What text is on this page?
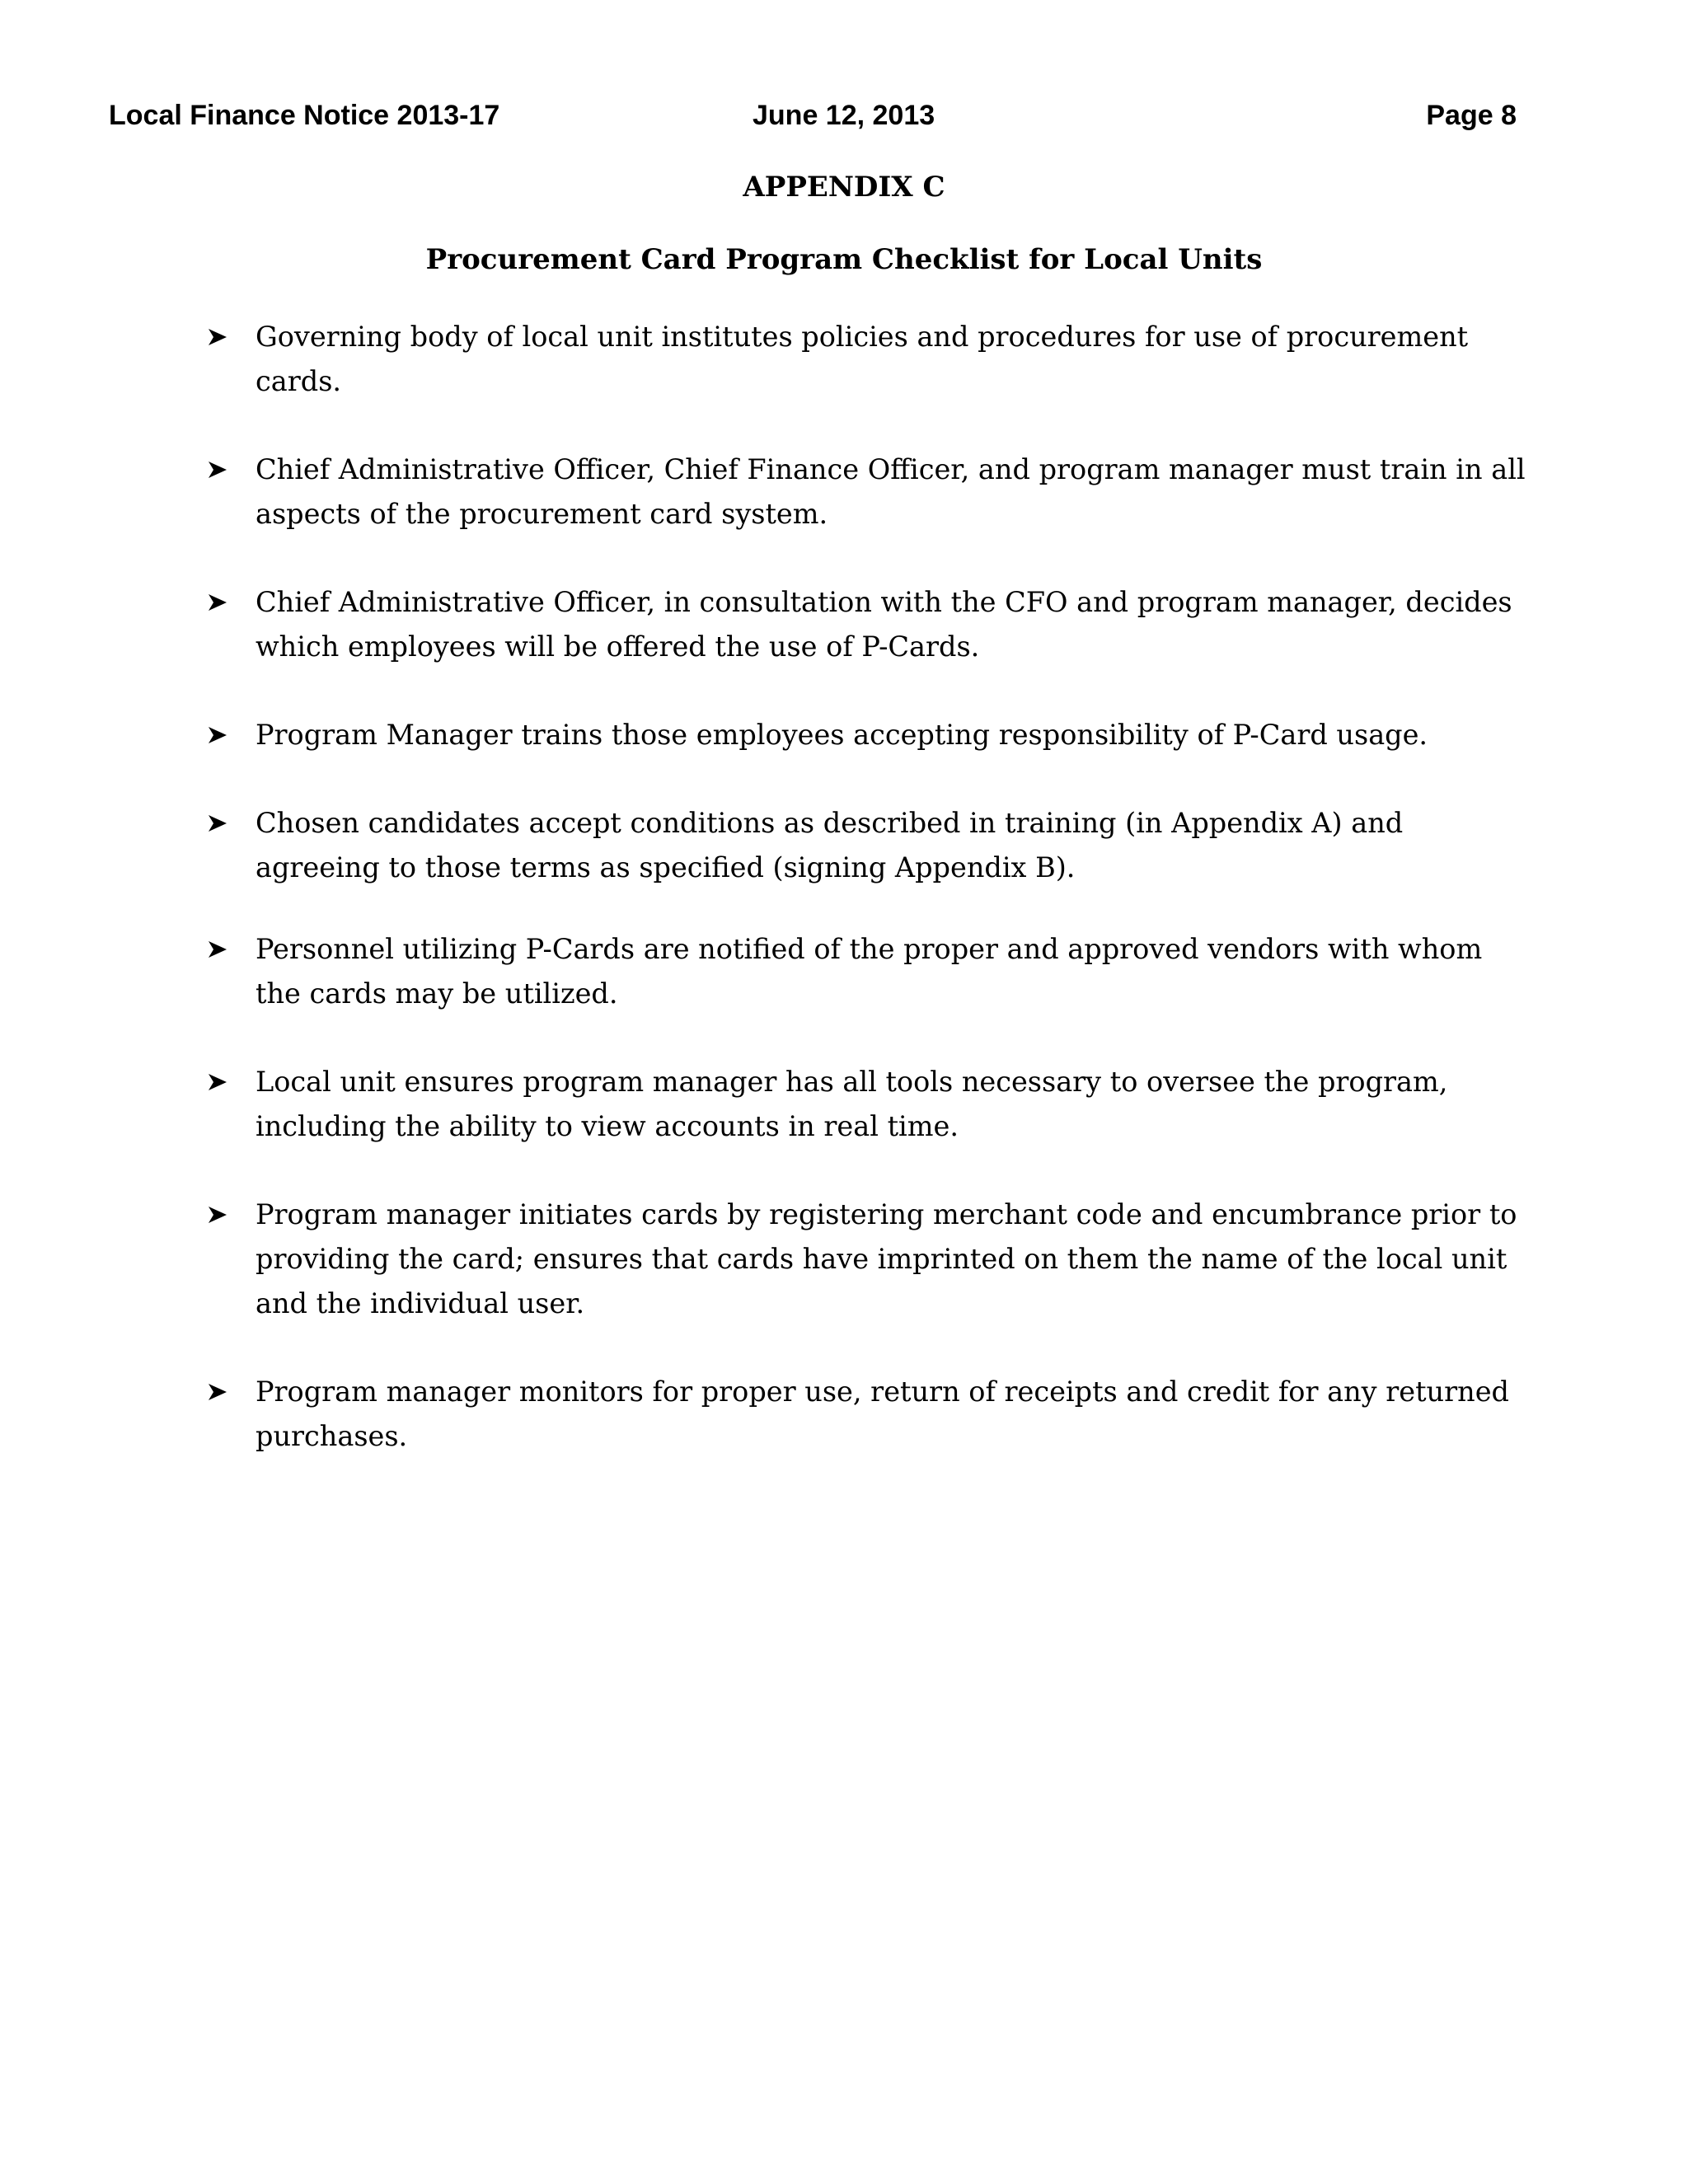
Local Finance Notice 2013-17	June 12, 2013	Page 8
APPENDIX C
Procurement Card Program Checklist for Local Units
Governing body of local unit institutes policies and procedures for use of procurement cards.
Chief Administrative Officer, Chief Finance Officer, and program manager must train in all aspects of the procurement card system.
Chief Administrative Officer, in consultation with the CFO and program manager, decides which employees will be offered the use of P-Cards.
Program Manager trains those employees accepting responsibility of P-Card usage.
Chosen candidates accept conditions as described in training (in Appendix A) and agreeing to those terms as specified (signing Appendix B).
Personnel utilizing P-Cards are notified of the proper and approved vendors with whom the cards may be utilized.
Local unit ensures program manager has all tools necessary to oversee the program, including the ability to view accounts in real time.
Program manager initiates cards by registering merchant code and encumbrance prior to providing the card; ensures that cards have imprinted on them the name of the local unit and the individual user.
Program manager monitors for proper use, return of receipts and credit for any returned purchases.
